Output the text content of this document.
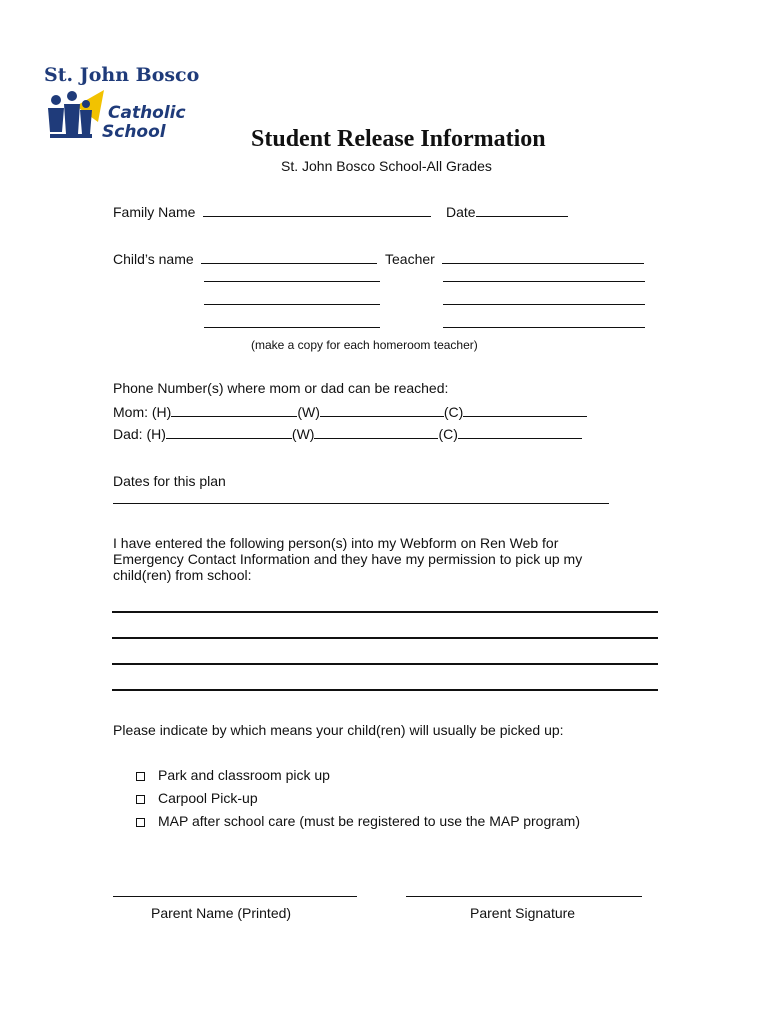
St. John Bosco
Catholic
School	Student Release Information
St. John Bosco School-All Grades
Family Name	Date
Child’s name	Teacher
(make a copy for each homeroom teacher)
Phone Number(s) where mom or dad can be reached:
Mom: (H)	(W)	(C)
Dad: (H)	(W)	(C)
Dates for this plan
I have entered the following person(s) into my Webform on Ren Web for
Emergency Contact Information and they have my permission to pick up my
child(ren) from school:
Please indicate by which means your child(ren) will usually be picked up:
Park and classroom pick up
Carpool Pick-up
MAP after school care (must be registered to use the MAP program)
Parent Name (Printed)	Parent Signature
